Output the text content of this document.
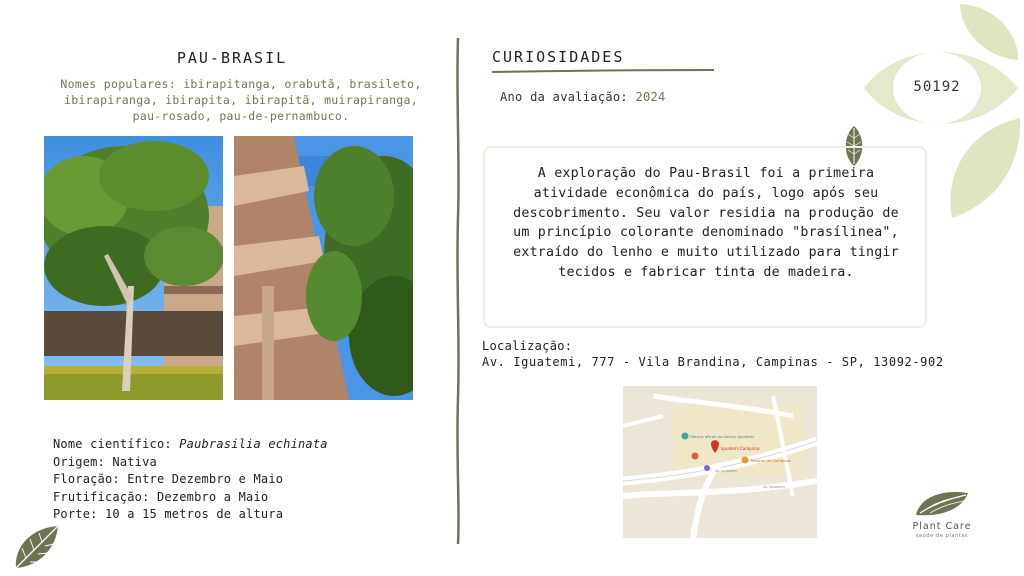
PAU-BRASIL
Nomes populares: ibirapitanga, orabutã, brasileto, ibirapiranga, ibirapita, ibirapitã, muirapiranga, pau-rosado, pau-de-pernambuco.
Nome científico: Paubrasilia echinata
Origem: Nativa
Floração: Entre Dezembro e Maio
Frutificação: Dezembro a Maio
Porte: 10 a 15 metros de altura
CURIOSIDADES
Ano da avaliação: 2024
A exploração do Pau-Brasil foi a primeira atividade econômica do país, logo após seu descobrimento. Seu valor residia na produção de um princípio colorante denominado "brasílinea", extraído do lenho e muito utilizado para tingir tecidos e fabricar tinta de madeira.
Localização:
Av. Iguatemi, 777 - Vila Brandina, Campinas - SP, 13092-902
Fábrica oficial do Galaxy Iguatemi
Iguatemi Campinas
Tribunal do Campinas
Av. Iguatemi
Av. Iguatemi
50192
Plant Care
saúde de plantas
